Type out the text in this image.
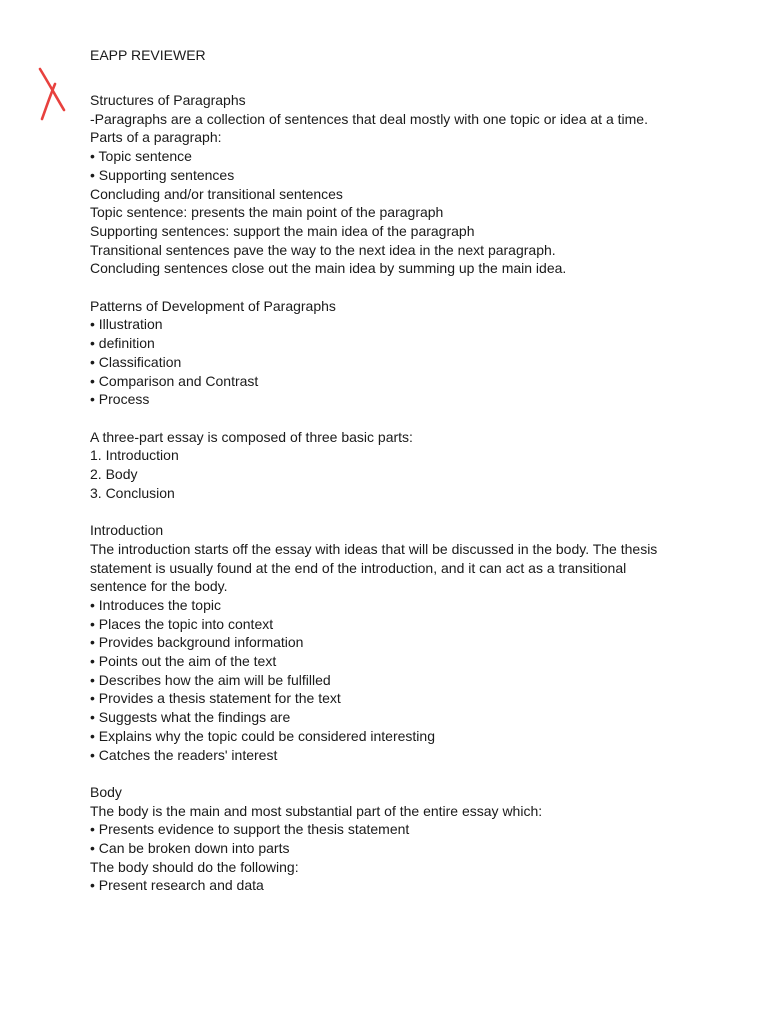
EAPP REVIEWER
Structures of Paragraphs
-Paragraphs are a collection of sentences that deal mostly with one topic or idea at a time.
Parts of a paragraph:
• Topic sentence
• Supporting sentences
Concluding and/or transitional sentences
Topic sentence: presents the main point of the paragraph
Supporting sentences: support the main idea of the paragraph
Transitional sentences pave the way to the next idea in the next paragraph.
Concluding sentences close out the main idea by summing up the main idea.
Patterns of Development of Paragraphs
• Illustration
• definition
• Classification
• Comparison and Contrast
• Process
A three-part essay is composed of three basic parts:
1. Introduction
2. Body
3. Conclusion
Introduction
The introduction starts off the essay with ideas that will be discussed in the body. The thesis
statement is usually found at the end of the introduction, and it can act as a transitional
sentence for the body.
• Introduces the topic
• Places the topic into context
• Provides background information
• Points out the aim of the text
• Describes how the aim will be fulfilled
• Provides a thesis statement for the text
• Suggests what the findings are
• Explains why the topic could be considered interesting
• Catches the readers' interest
Body
The body is the main and most substantial part of the entire essay which:
• Presents evidence to support the thesis statement
• Can be broken down into parts
The body should do the following:
• Present research and data
